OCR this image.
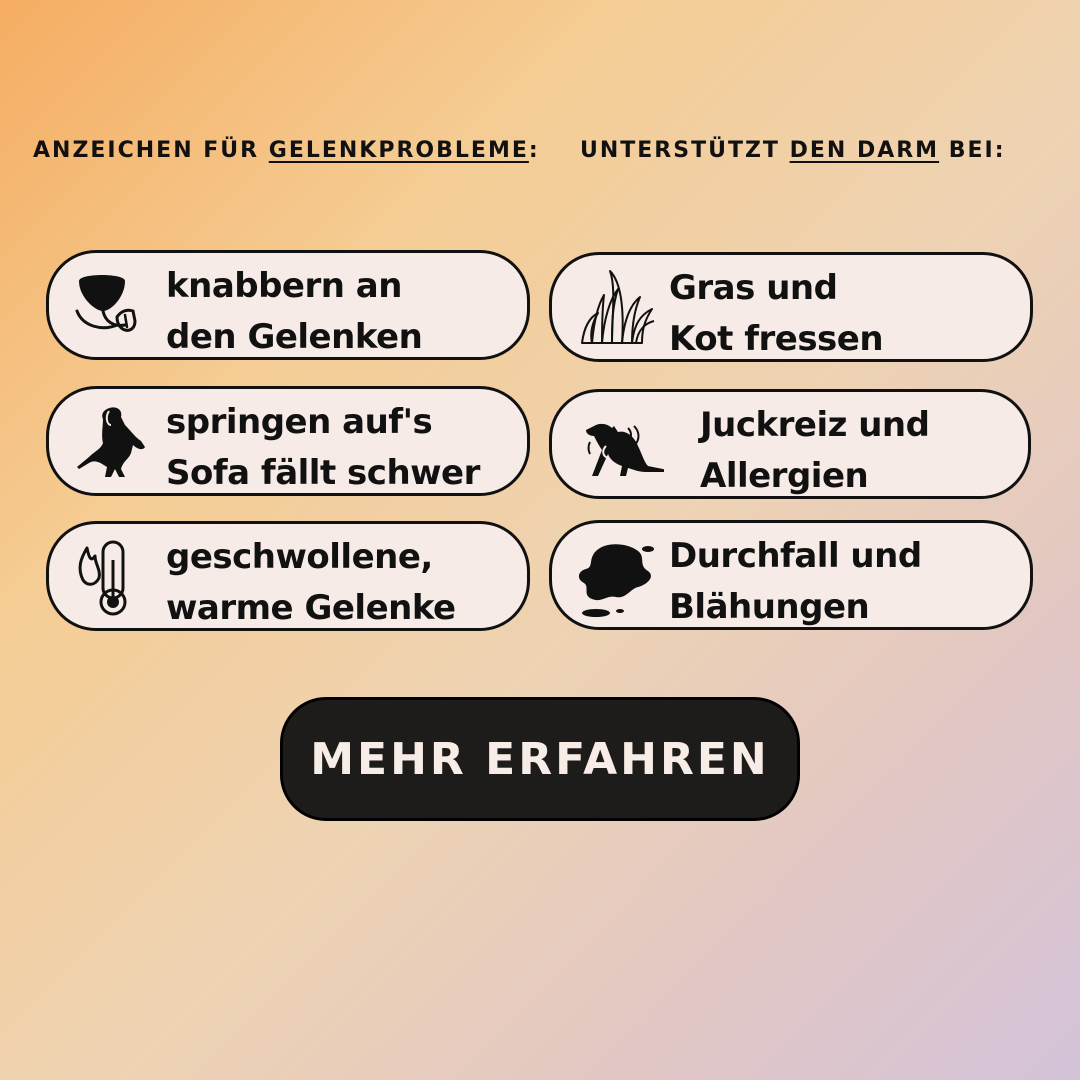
ANZEICHEN FÜR GELENKPROBLEME: UNTERSTÜTZT DEN DARM BEI:
knabbern an
den Gelenken
springen auf's
Sofa fällt schwer
geschwollene,
warme Gelenke
Gras und
Kot fressen
Juckreiz und
Allergien
Durchfall und
Blähungen
MEHR ERFAHREN
